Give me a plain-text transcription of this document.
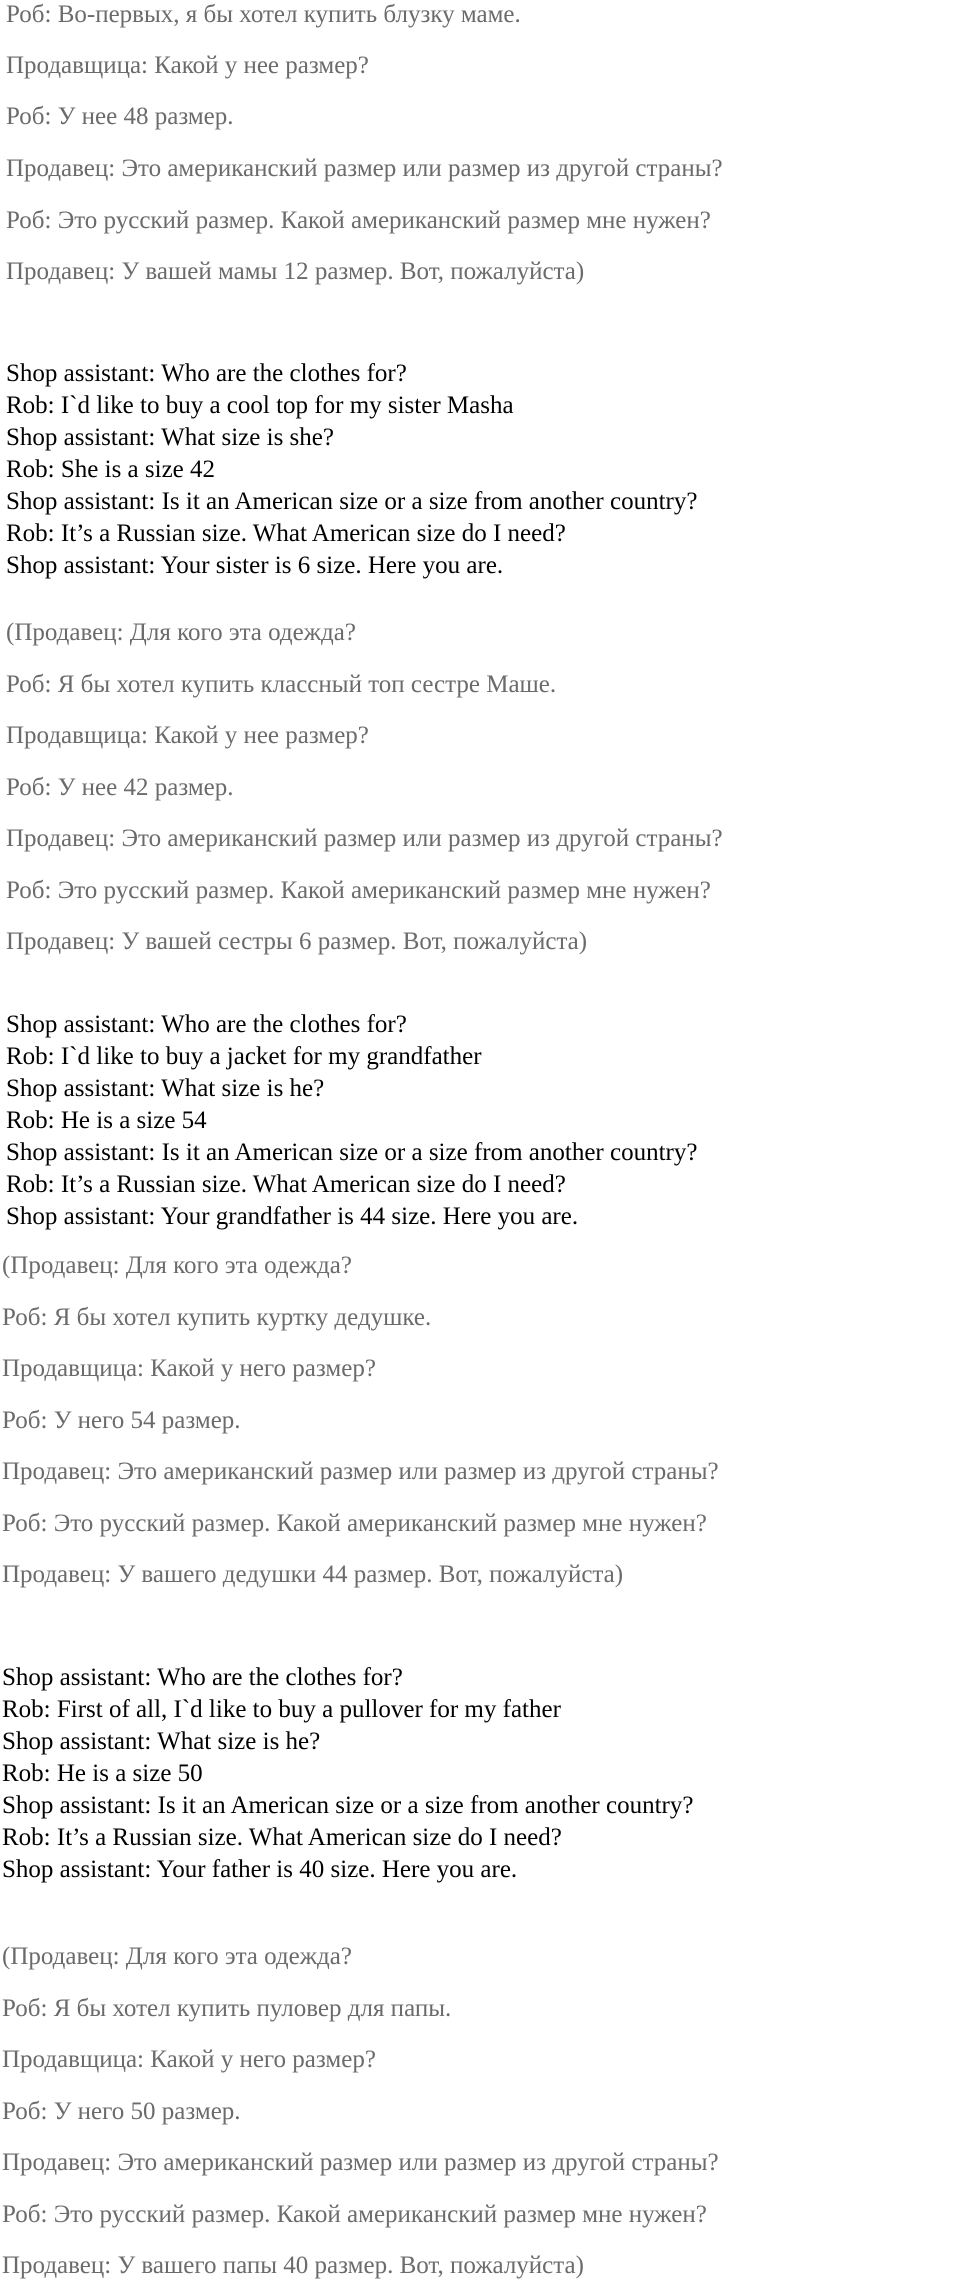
Роб: Во-первых, я бы хотел купить блузку маме.
Продавщица: Какой у нее размер?
Роб: У нее 48 размер.
Продавец: Это американский размер или размер из другой страны?
Роб: Это русский размер. Какой американский размер мне нужен?
Продавец: У вашей мамы 12 размер. Вот, пожалуйста)
Shop assistant: Who are the clothes for?
Rob: I`d like to buy a cool top for my sister Masha
Shop assistant: What size is she?
Rob: She is a size 42
Shop assistant: Is it an American size or a size from another country?
Rob: It’s a Russian size. What American size do I need?
Shop assistant: Your sister is 6 size. Here you are.
(Продавец: Для кого эта одежда?
Роб: Я бы хотел купить классный топ сестре Маше.
Продавщица: Какой у нее размер?
Роб: У нее 42 размер.
Продавец: Это американский размер или размер из другой страны?
Роб: Это русский размер. Какой американский размер мне нужен?
Продавец: У вашей сестры 6 размер. Вот, пожалуйста)
Shop assistant: Who are the clothes for?
Rob: I`d like to buy a jacket for my grandfather
Shop assistant: What size is he?
Rob: He is a size 54
Shop assistant: Is it an American size or a size from another country?
Rob: It’s a Russian size. What American size do I need?
Shop assistant: Your grandfather is 44 size. Here you are.
(Продавец: Для кого эта одежда?
Роб: Я бы хотел купить куртку дедушке.
Продавщица: Какой у него размер?
Роб: У него 54 размер.
Продавец: Это американский размер или размер из другой страны?
Роб: Это русский размер. Какой американский размер мне нужен?
Продавец: У вашего дедушки 44 размер. Вот, пожалуйста)
Shop assistant: Who are the clothes for?
Rob: First of all, I`d like to buy a pullover for my father
Shop assistant: What size is he?
Rob: He is a size 50
Shop assistant: Is it an American size or a size from another country?
Rob: It’s a Russian size. What American size do I need?
Shop assistant: Your father is 40 size. Here you are.
(Продавец: Для кого эта одежда?
Роб: Я бы хотел купить пуловер для папы.
Продавщица: Какой у него размер?
Роб: У него 50 размер.
Продавец: Это американский размер или размер из другой страны?
Роб: Это русский размер. Какой американский размер мне нужен?
Продавец: У вашего папы 40 размер. Вот, пожалуйста)
